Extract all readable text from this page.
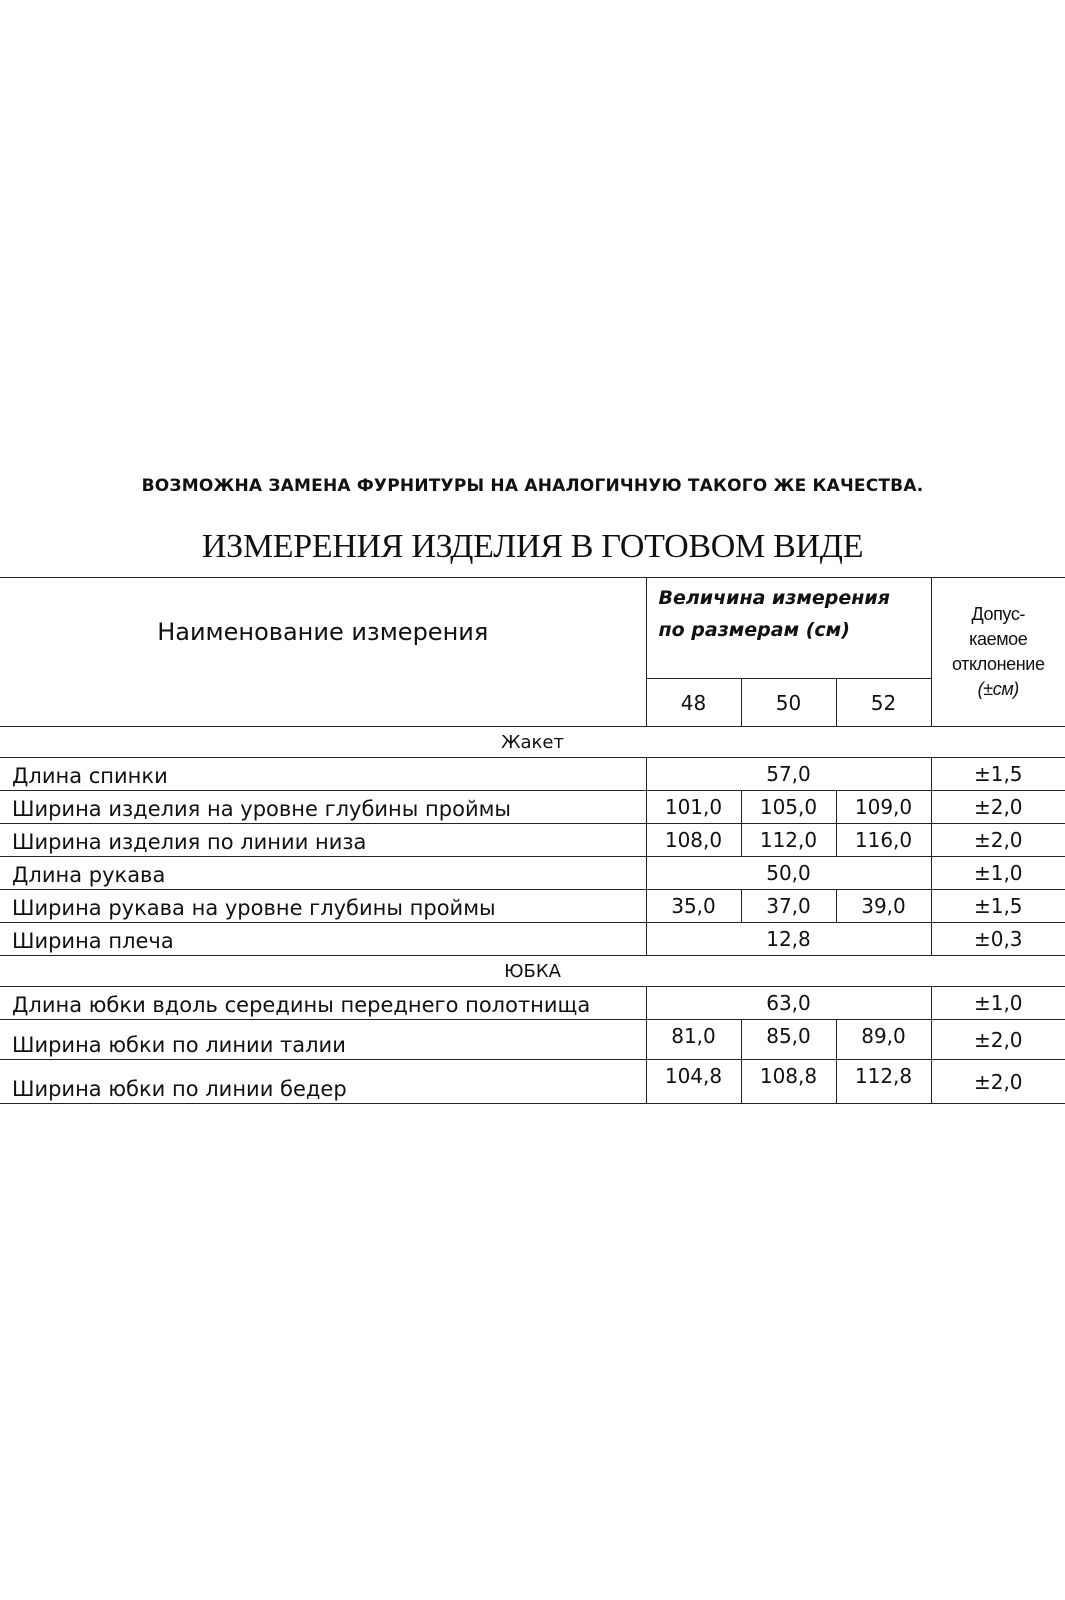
ВОЗМОЖНА ЗАМЕНА ФУРНИТУРЫ НА АНАЛОГИЧНУЮ ТАКОГО ЖЕ КАЧЕСТВА.
ИЗМЕРЕНИЯ ИЗДЕЛИЯ В ГОТОВОМ ВИДЕ
Наименование измерения	Величина измерения по размерам (см)			Допус-
каемое
отклонение
(±см)
	48	50	52	
Жакет				
Длина спинки	57,0			±1,5
Ширина изделия на уровне глубины проймы	101,0	105,0	109,0	±2,0
Ширина изделия по линии низа	108,0	112,0	116,0	±2,0
Длина рукава	50,0			±1,0
Ширина рукава на уровне глубины проймы	35,0	37,0	39,0	±1,5
Ширина плеча	12,8			±0,3
ЮБКА				
Длина юбки вдоль середины переднего полотнища	63,0			±1,0
Ширина юбки по линии талии	81,0	85,0	89,0	±2,0
Ширина юбки по линии бедер	104,8	108,8	112,8	±2,0
